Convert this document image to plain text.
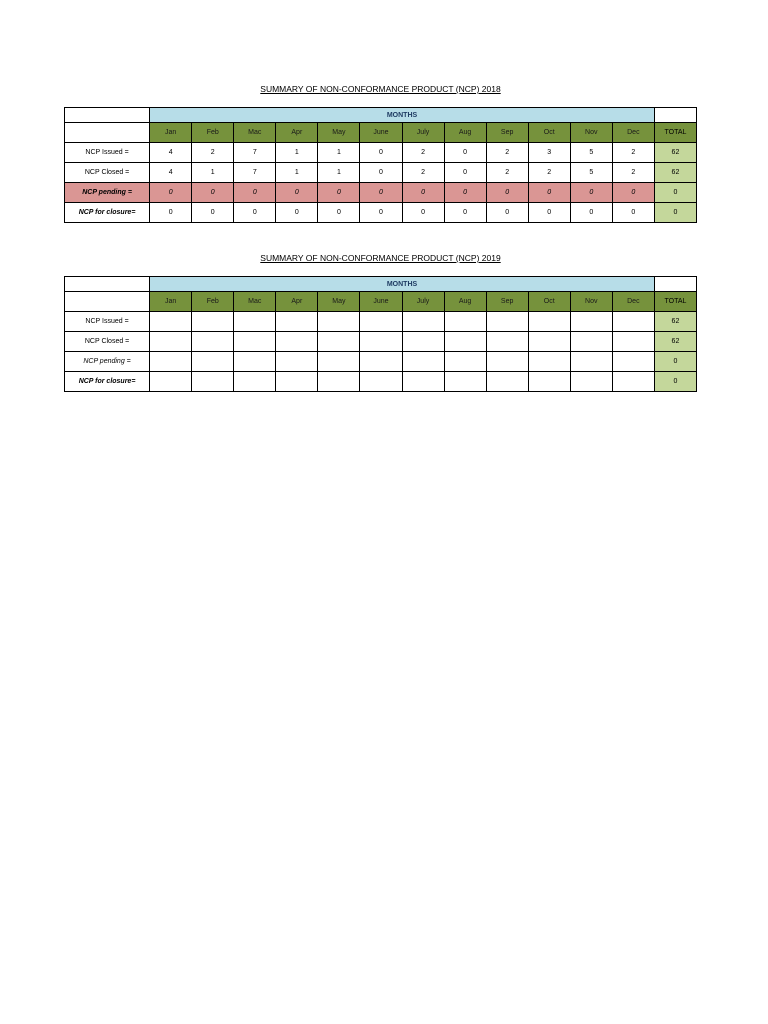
SUMMARY OF NON-CONFORMANCE PRODUCT (NCP) 2018
	MONTHS												
	Jan	Feb	Mac	Apr	May	June	July	Aug	Sep	Oct	Nov	Dec	TOTAL
NCP Issued =	4	2	7	1	1	0	2	0	2	3	5	2	62
NCP Closed =	4	1	7	1	1	0	2	0	2	2	5	2	62
NCP pending =	0	0	0	0	0	0	0	0	0	0	0	0	0
NCP for closure=	0	0	0	0	0	0	0	0	0	0	0	0	0
SUMMARY OF NON-CONFORMANCE PRODUCT (NCP) 2019
	MONTHS												
	Jan	Feb	Mac	Apr	May	June	July	Aug	Sep	Oct	Nov	Dec	TOTAL
NCP Issued =													62
NCP Closed =													62
NCP pending =													0
NCP for closure=													0
